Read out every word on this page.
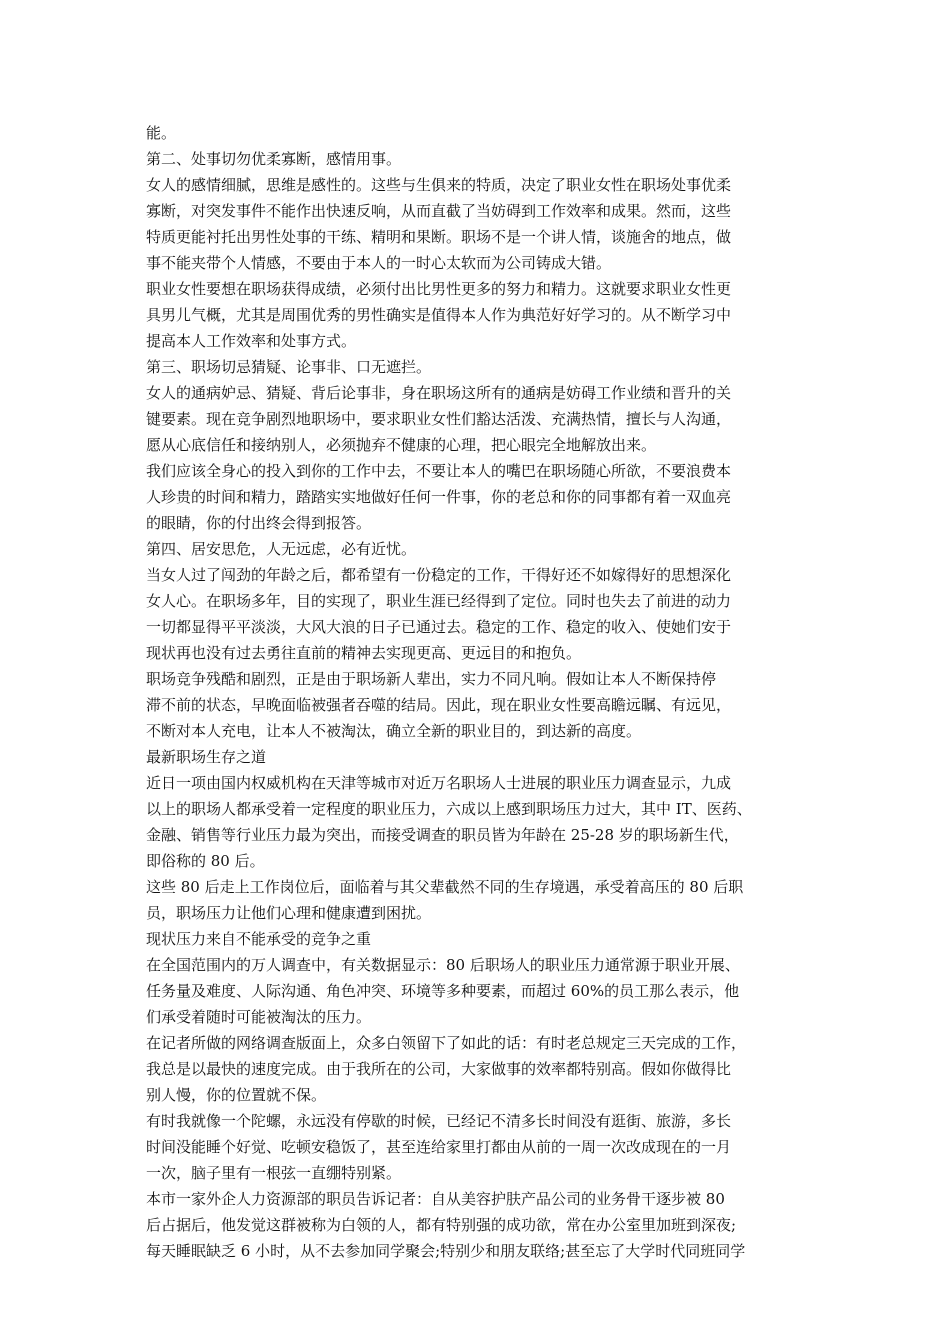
能。
第二、处事切勿优柔寡断，感情用事。
女人的感情细腻，思维是感性的。这些与生俱来的特质，决定了职业女性在职场处事优柔
寡断，对突发事件不能作出快速反响，从而直截了当妨碍到工作效率和成果。然而，这些
特质更能衬托出男性处事的干练、精明和果断。职场不是一个讲人情，谈施舍的地点，做
事不能夹带个人情感，不要由于本人的一时心太软而为公司铸成大错。
职业女性要想在职场获得成绩，必须付出比男性更多的努力和精力。这就要求职业女性更
具男儿气概，尤其是周围优秀的男性确实是值得本人作为典范好好学习的。从不断学习中
提高本人工作效率和处事方式。
第三、职场切忌猜疑、论事非、口无遮拦。
女人的通病妒忌、猜疑、背后论事非，身在职场这所有的通病是妨碍工作业绩和晋升的关
键要素。现在竞争剧烈地职场中，要求职业女性们豁达活泼、充满热情，擅长与人沟通，
愿从心底信任和接纳别人，必须抛弃不健康的心理，把心眼完全地解放出来。
我们应该全身心的投入到你的工作中去，不要让本人的嘴巴在职场随心所欲，不要浪费本
人珍贵的时间和精力，踏踏实实地做好任何一件事，你的老总和你的同事都有着一双血亮
的眼睛，你的付出终会得到报答。
第四、居安思危，人无远虑，必有近忧。
当女人过了闯劲的年龄之后，都希望有一份稳定的工作，干得好还不如嫁得好的思想深化
女人心。在职场多年，目的实现了，职业生涯已经得到了定位。同时也失去了前进的动力
一切都显得平平淡淡，大风大浪的日子已通过去。稳定的工作、稳定的收入、使她们安于
现状再也没有过去勇往直前的精神去实现更高、更远目的和抱负。
职场竞争残酷和剧烈，正是由于职场新人辈出，实力不同凡响。假如让本人不断保持停
滞不前的状态，早晚面临被强者吞噬的结局。因此，现在职业女性要高瞻远瞩、有远见，
不断对本人充电，让本人不被淘汰，确立全新的职业目的，到达新的高度。
最新职场生存之道
近日一项由国内权威机构在天津等城市对近万名职场人士进展的职业压力调查显示，九成
以上的职场人都承受着一定程度的职业压力，六成以上感到职场压力过大，其中 IT、医药、
金融、销售等行业压力最为突出，而接受调查的职员皆为年龄在 25-28 岁的职场新生代，
即俗称的 80 后。
这些 80 后走上工作岗位后，面临着与其父辈截然不同的生存境遇，承受着高压的 80 后职
员，职场压力让他们心理和健康遭到困扰。
现状压力来自不能承受的竞争之重
在全国范围内的万人调查中，有关数据显示：80 后职场人的职业压力通常源于职业开展、
任务量及难度、人际沟通、角色冲突、环境等多种要素，而超过 60%的员工那么表示，他
们承受着随时可能被淘汰的压力。
在记者所做的网络调查版面上，众多白领留下了如此的话：有时老总规定三天完成的工作，
我总是以最快的速度完成。由于我所在的公司，大家做事的效率都特别高。假如你做得比
别人慢，你的位置就不保。
有时我就像一个陀螺，永远没有停歇的时候，已经记不清多长时间没有逛街、旅游，多长
时间没能睡个好觉、吃顿安稳饭了，甚至连给家里打都由从前的一周一次改成现在的一月
一次，脑子里有一根弦一直绷特别紧。
本市一家外企人力资源部的职员告诉记者：自从美容护肤产品公司的业务骨干逐步被 80
后占据后，他发觉这群被称为白领的人，都有特别强的成功欲，常在办公室里加班到深夜;
每天睡眠缺乏 6 小时，从不去参加同学聚会;特别少和朋友联络;甚至忘了大学时代同班同学
